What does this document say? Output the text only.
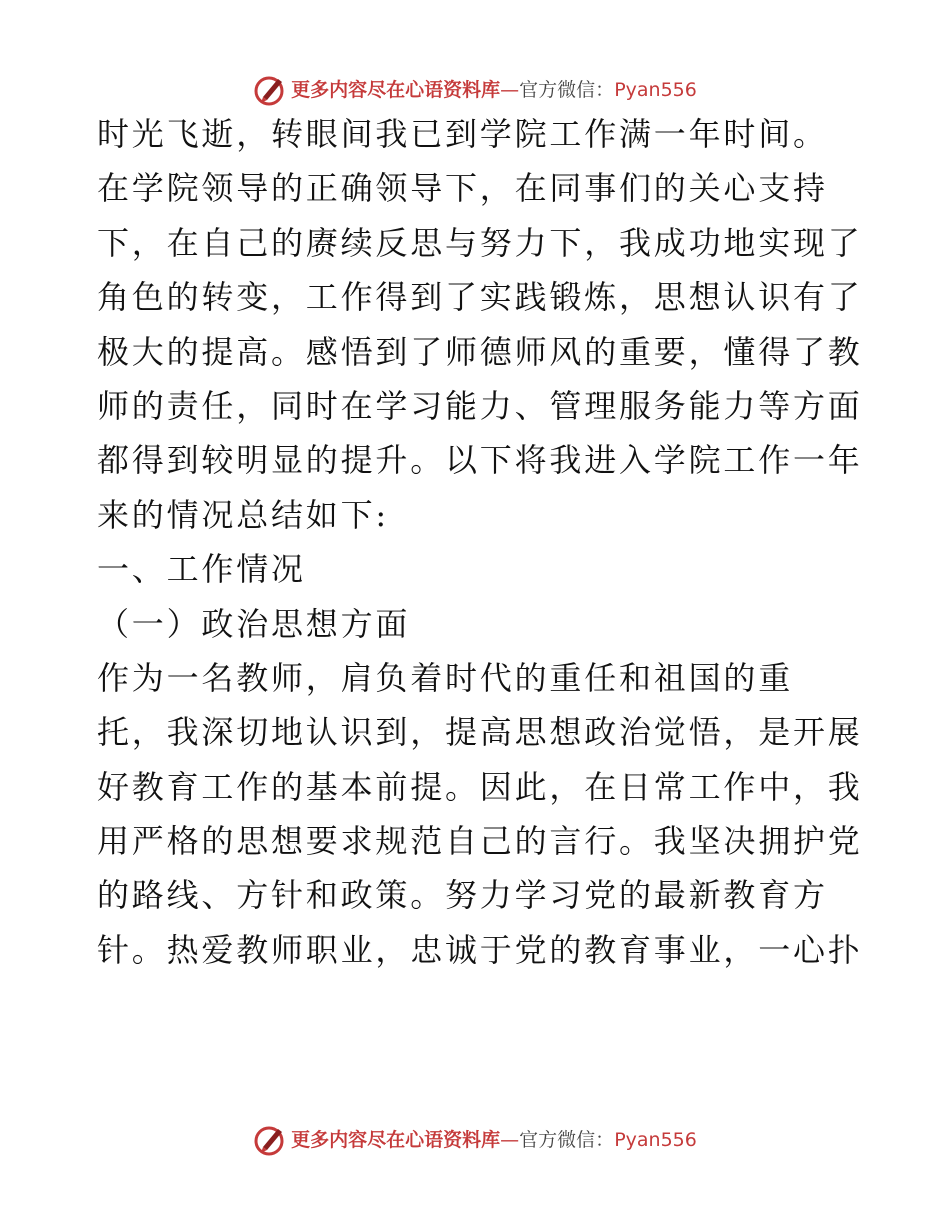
更多内容尽在心语资料库 — 官方微信： Pyan556
时光飞逝，转眼间我已到学院工作满一年时间。
在学院领导的正确领导下，在同事们的关心支持
下，在自己的赓续反思与努力下，我成功地实现了
角色的转变，工作得到了实践锻炼，思想认识有了
极大的提高。感悟到了师德师风的重要，懂得了教
师的责任，同时在学习能力、管理服务能力等方面
都得到较明显的提升。以下将我进入学院工作一年
来的情况总结如下:
一、工作情况
（一）政治思想方面
作为一名教师，肩负着时代的重任和祖国的重
托，我深切地认识到，提高思想政治觉悟，是开展
好教育工作的基本前提。因此，在日常工作中，我
用严格的思想要求规范自己的言行。我坚决拥护党
的路线、方针和政策。努力学习党的最新教育方
针。热爱教师职业，忠诚于党的教育事业，一心扑
更多内容尽在心语资料库 — 官方微信： Pyan556
